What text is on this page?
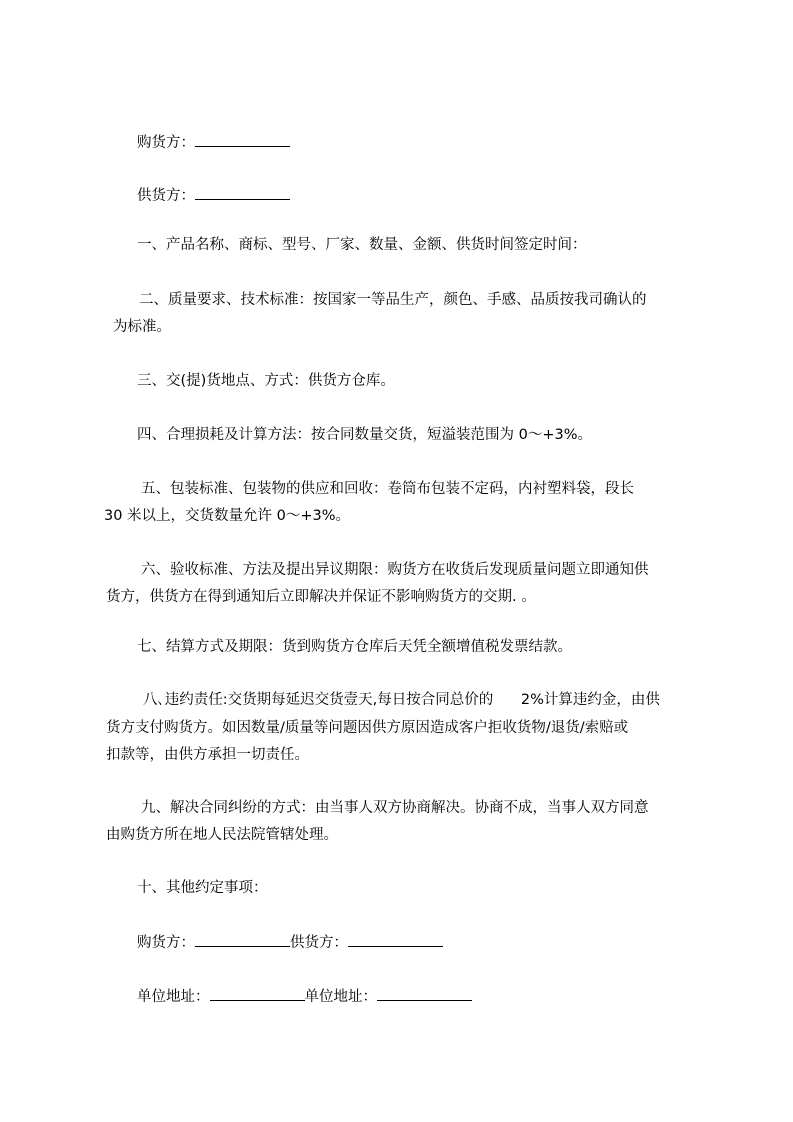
购货方：
供货方：
一、产品名称、商标、型号、厂家、数量、金额、供货时间签定时间：
二、质量要求、技术标准：按国家一等品生产，颜色、手感、品质按我司确认的
为标准。
三、交(提)货地点、方式：供货方仓库。
四、合理损耗及计算方法：按合同数量交货，短溢装范围为 0～+3%。
五、包装标准、包装物的供应和回收：卷筒布包装不定码，内衬塑料袋，段长
30 米以上，交货数量允许 0～+3%。
六、验收标准、方法及提出异议期限：购货方在收货后发现质量问题立即通知供
货方，供货方在得到通知后立即解决并保证不影响购货方的交期. 。
七、结算方式及期限：货到购货方仓库后天凭全额增值税发票结款。
八､违约责任:交货期每延迟交货壹天,每日按合同总价的      2%计算违约金，由供
货方支付购货方。如因数量/质量等问题因供方原因造成客户拒收货物/退货/索赔或
扣款等，由供方承担一切责任。
九、解决合同纠纷的方式：由当事人双方协商解决。协商不成，当事人双方同意
由购货方所在地人民法院管辖处理。
十、其他约定事项：
购货方：	供货方：
单位地址：	单位地址：
